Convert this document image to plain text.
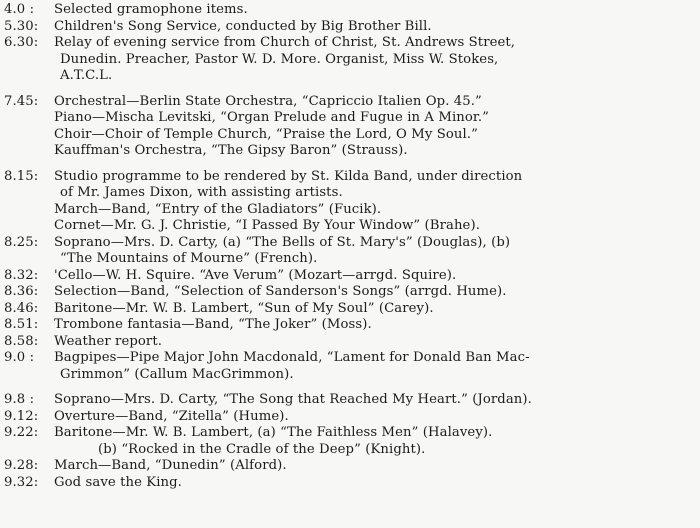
4.0 :	Selected gramophone items.
5.30:	Children's Song Service, conducted by Big Brother Bill.
6.30:	Relay of evening service from Church of Christ, St. Andrews Street,
Dunedin. Preacher, Pastor W. D. More. Organist, Miss W. Stokes,
A.T.C.L.
7.45:	Orchestral—Berlin State Orchestra, “Capriccio Italien Op. 45.”
Piano—Mischa Levitski, “Organ Prelude and Fugue in A Minor.”
Choir—Choir of Temple Church, “Praise the Lord, O My Soul.”
Kauffman's Orchestra, “The Gipsy Baron” (Strauss).
8.15:	Studio programme to be rendered by St. Kilda Band, under direction
of Mr. James Dixon, with assisting artists.
March—Band, “Entry of the Gladiators” (Fucik).
Cornet—Mr. G. J. Christie, “I Passed By Your Window” (Brahe).
8.25:	Soprano—Mrs. D. Carty, (a) “The Bells of St. Mary's” (Douglas), (b)
“The Mountains of Mourne” (French).
8.32:	'Cello—W. H. Squire. “Ave Verum” (Mozart—arrgd. Squire).
8.36:	Selection—Band, “Selection of Sanderson's Songs” (arrgd. Hume).
8.46:	Baritone—Mr. W. B. Lambert, “Sun of My Soul” (Carey).
8.51:	Trombone fantasia—Band, “The Joker” (Moss).
8.58:	Weather report.
9.0 :	Bagpipes—Pipe Major John Macdonald, “Lament for Donald Ban Mac-
Grimmon” (Callum MacGrimmon).
9.8 :	Soprano—Mrs. D. Carty, “The Song that Reached My Heart.” (Jordan).
9.12:	Overture—Band, “Zitella” (Hume).
9.22:	Baritone—Mr. W. B. Lambert, (a) “The Faithless Men” (Halavey).
(b) “Rocked in the Cradle of the Deep” (Knight).
9.28:	March—Band, “Dunedin” (Alford).
9.32:	God save the King.
